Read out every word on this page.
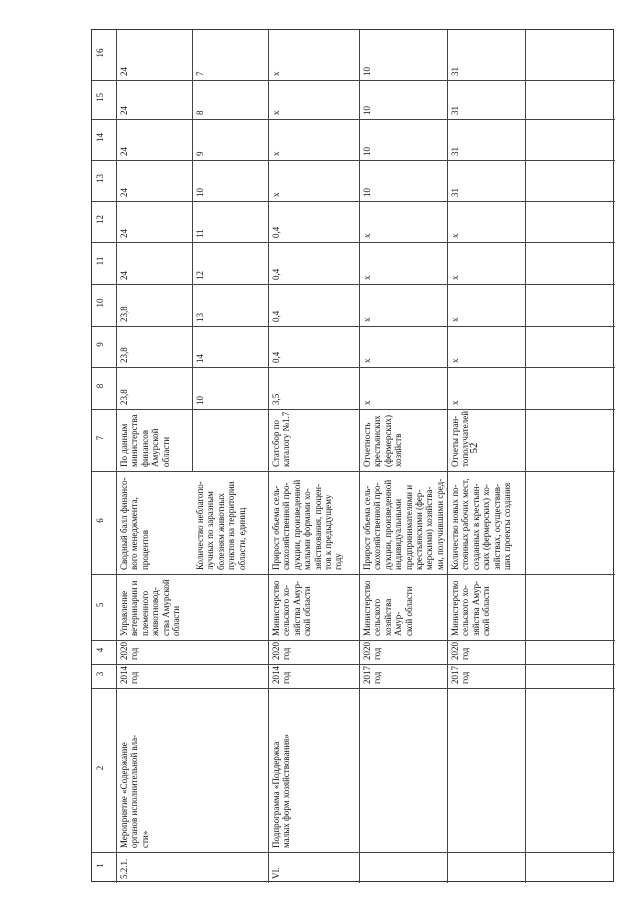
52
1
2
3
4
5
6
7
8
9
10
11
12
13
14
15
16
5.2.1.
Мероприятие «Содержание
органов исполнительной вла-
сти»
2014
год
2020
год
Управление
ветеринарии и
племенного
животновод-
ства Амурской
области
Сводный балл финансо-
вого менеджмента,
процентов
По данным
министерства
финансов
Амурской
области
23,8
23,8
23,8
24
24
24
24
24
24
Количество неблагопо-
лучных по заразным
болезням животных
пунктов на территории
области, единиц
10
14
13
12
11
10
9
8
7
VI.
Подпрограмма «Поддержка
малых форм хозяйствования»
2014
год
2020
год
Министерство
сельского хо-
зяйства Амур-
ской области
Прирост объема сель-
скохозяйственной про-
дукции, произведенной
малыми формами хо-
зяйствования, процен-
тов к предыдущему
году
Статсбор по
каталогу №1.7
3,5
0,4
0,4
0,4
0,4
х
х
х
х
2017
год
2020
год
Министерство
сельского
хозяйства Амур-
ской области
Прирост объема сель-
скохозяйственной про-
дукции, произведенной
индивидуальными
предпринимателями и
крестьянскими (фер-
мерскими) хозяйства-
ми, получившими сред-

Отчетность
крестьянских
(фермерских)
хозяйств
х
х
х
х
х
10
10
10
10
2017
год
2020
год
Министерство
сельского хо-
зяйства Амур-
ской области
Количество новых по-
стоянных рабочих мест,
созданных в крестьян-
ских (фермерских) хо-
зяйствах, осуществив-
ших проекты создания
Отчеты гран-
тополучателей
х
х
х
х
х
31
31
31
31
